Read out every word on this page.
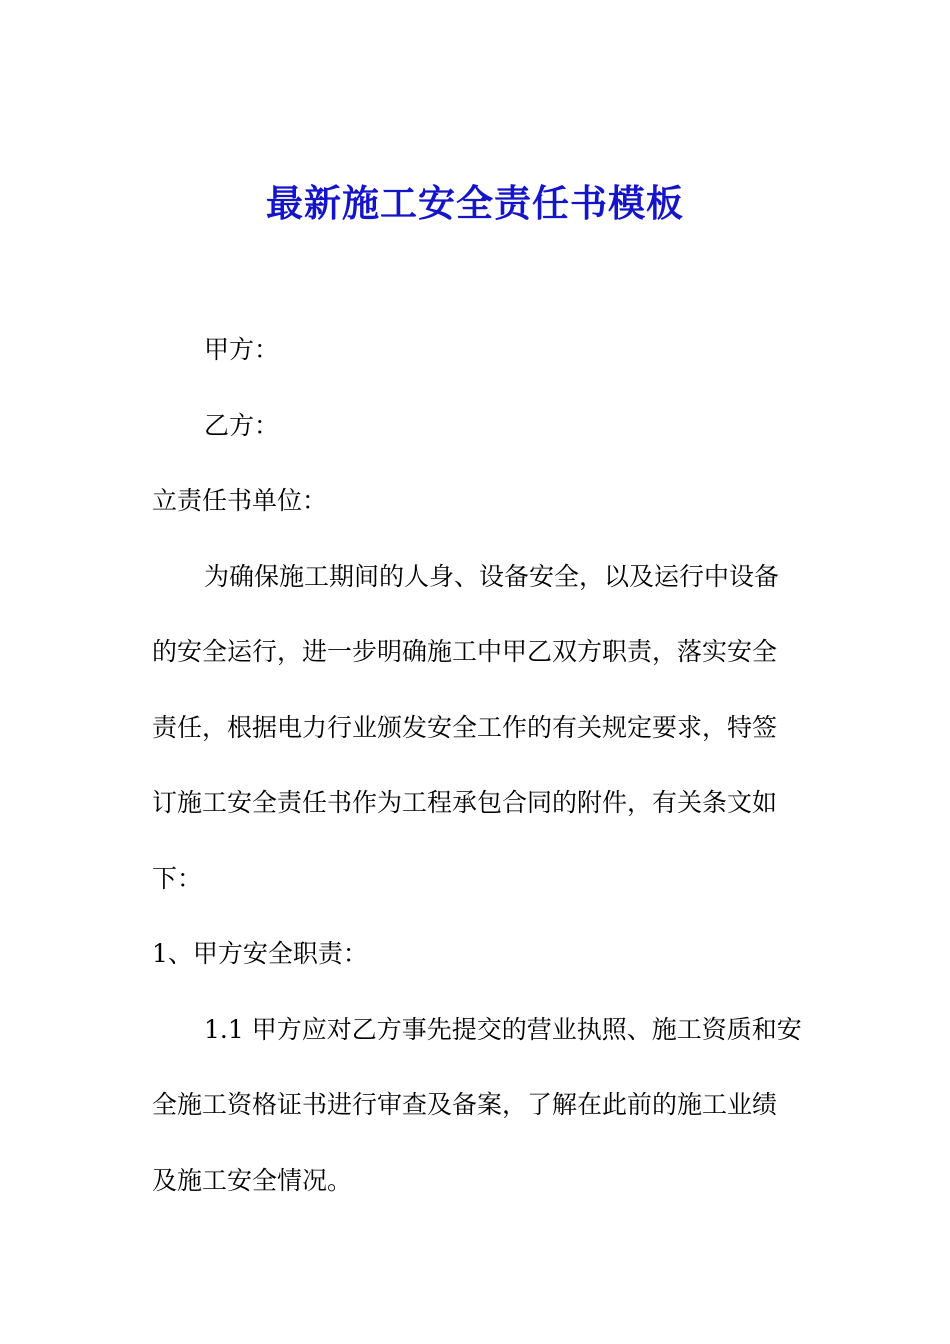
最新施工安全责任书模板
甲方：
乙方：
立责任书单位：
为确保施工期间的人身、设备安全，以及运行中设备
的安全运行，进一步明确施工中甲乙双方职责，落实安全
责任，根据电力行业颁发安全工作的有关规定要求，特签
订施工安全责任书作为工程承包合同的附件，有关条文如
下：
1、甲方安全职责：
1.1 甲方应对乙方事先提交的营业执照、施工资质和安
全施工资格证书进行审查及备案，了解在此前的施工业绩
及施工安全情况。
